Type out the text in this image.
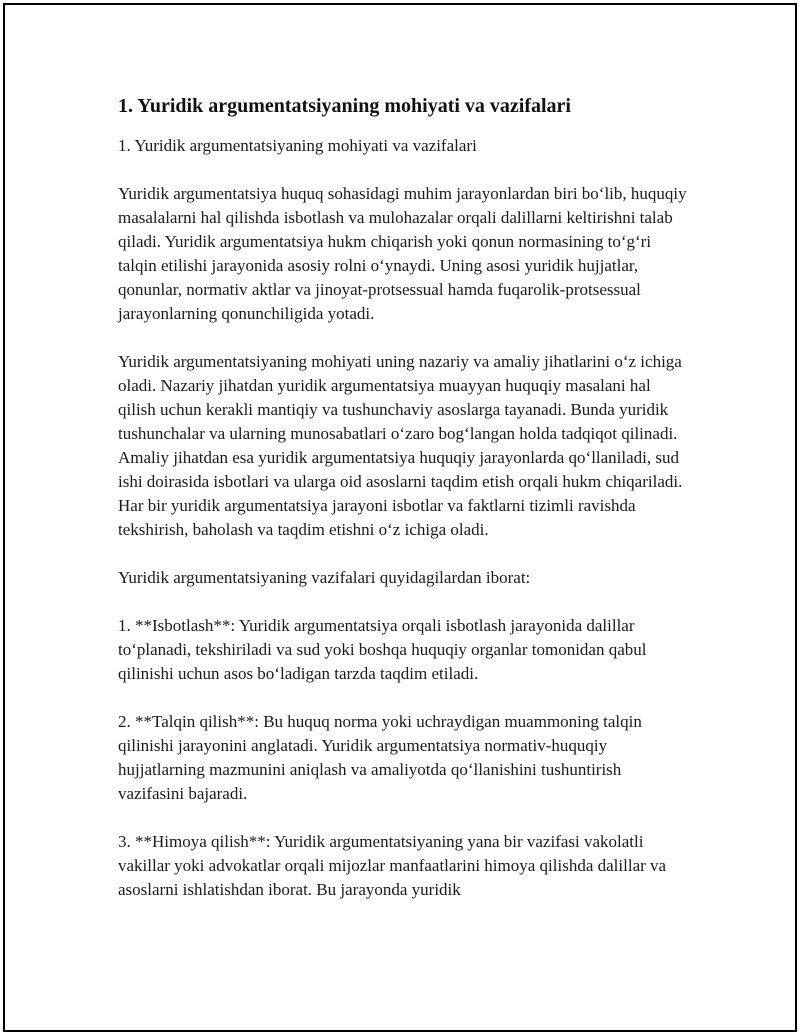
1. Yuridik argumentatsiyaning mohiyati va vazifalari

1. Yuridik argumentatsiyaning mohiyati va vazifalari

Yuridik argumentatsiya huquq sohasidagi muhim jarayonlardan biri bo‘lib, huquqiy masalalarni hal qilishda isbotlash va mulohazalar orqali dalillarni keltirishni talab qiladi. Yuridik argumentatsiya hukm chiqarish yoki qonun normasining to‘g‘ri talqin etilishi jarayonida asosiy rolni o‘ynaydi. Uning asosi yuridik hujjatlar, qonunlar, normativ aktlar va jinoyat-protsessual hamda fuqarolik-protsessual jarayonlarning qonunchiligida yotadi.

Yuridik argumentatsiyaning mohiyati uning nazariy va amaliy jihatlarini o‘z ichiga oladi. Nazariy jihatdan yuridik argumentatsiya muayyan huquqiy masalani hal qilish uchun kerakli mantiqiy va tushunchaviy asoslarga tayanadi. Bunda yuridik tushunchalar va ularning munosabatlari o‘zaro bog‘langan holda tadqiqot qilinadi. Amaliy jihatdan esa yuridik argumentatsiya huquqiy jarayonlarda qo‘llaniladi, sud ishi doirasida isbotlari va ularga oid asoslarni taqdim etish orqali hukm chiqariladi. Har bir yuridik argumentatsiya jarayoni isbotlar va faktlarni tizimli ravishda tekshirish, baholash va taqdim etishni o‘z ichiga oladi.

Yuridik argumentatsiyaning vazifalari quyidagilardan iborat:

1. **Isbotlash**: Yuridik argumentatsiya orqali isbotlash jarayonida dalillar to‘planadi, tekshiriladi va sud yoki boshqa huquqiy organlar tomonidan qabul qilinishi uchun asos bo‘ladigan tarzda taqdim etiladi.

2. **Talqin qilish**: Bu huquq norma yoki uchraydigan muammoning talqin qilinishi jarayonini anglatadi. Yuridik argumentatsiya normativ-huquqiy hujjatlarning mazmunini aniqlash va amaliyotda qo‘llanishini tushuntirish vazifasini bajaradi.

3. **Himoya qilish**: Yuridik argumentatsiyaning yana bir vazifasi vakolatli vakillar yoki advokatlar orqali mijozlar manfaatlarini himoya qilishda dalillar va asoslarni ishlatishdan iborat. Bu jarayonda yuridik
